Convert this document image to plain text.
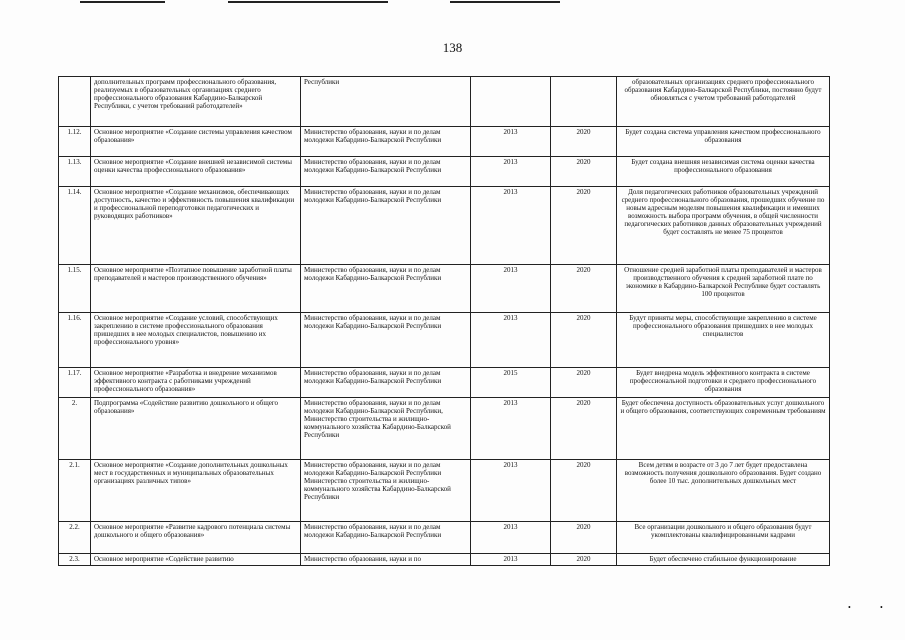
138
	дополнительных программ профессионального образования, реализуемых в образовательных организациях среднего профессионального образования Кабардино-Балкарской Республики, с учетом требований работодателей»	Республики			образовательных организациях среднего профессионального образования Кабардино-Балкарской Республики, постоянно будут обновляться с учетом требований работодателей
1.12.	Основное мероприятие «Создание системы управления качеством образования»	Министерство образования, науки и по делам молодежи Кабардино-Балкарской Республики	2013	2020	Будет создана система управления качеством профессионального образования
1.13.	Основное мероприятие «Создание внешней независимой системы оценки качества профессионального образования»	Министерство образования, науки и по делам молодежи Кабардино-Балкарской Республики	2013	2020	Будет создана внешняя независимая система оценки качества профессионального образования
1.14.	Основное мероприятие «Создание механизмов, обеспечивающих доступность, качество и эффективность повышения квалификации и профессиональной переподготовки педагогических и руководящих работников»	Министерство образования, науки и по делам молодежи Кабардино-Балкарской Республики	2013	2020	Доля педагогических работников образовательных учреждений среднего профессионального образования, прошедших обучение по новым адресным моделям повышения квалификации и имевших возможность выбора программ обучения, в общей численности педагогических работников данных образовательных учреждений будет составлять не менее 75 процентов
1.15.	Основное мероприятие «Поэтапное повышение заработной платы преподавателей и мастеров производственного обучения»	Министерство образования, науки и по делам молодежи Кабардино-Балкарской Республики	2013	2020	Отношение средней заработной платы преподавателей и мастеров производственного обучения к средней заработной плате по экономике в Кабардино-Балкарской Республике будет составлять 100 процентов
1.16.	Основное мероприятие «Создание условий, способствующих закреплению в системе профессионального образования пришедших в нее молодых специалистов, повышению их профессионального уровня»	Министерство образования, науки и по делам молодежи Кабардино-Балкарской Республики	2013	2020	Будут приняты меры, способствующие закреплению в системе профессионального образования пришедших в нее молодых специалистов
1.17.	Основное мероприятие «Разработка и внедрение механизмов эффективного контракта с работниками учреждений профессионального образования»	Министерство образования, науки и по делам молодежи Кабардино-Балкарской Республики	2015	2020	Будет внедрена модель эффективного контракта в системе профессиональной подготовки и среднего профессионального образования
2.	Подпрограмма «Содействие развитию дошкольного и общего образования»	Министерство образования, науки и по делам молодежи Кабардино-Балкарской Республики, Министерство строительства и жилищно-коммунального хозяйства Кабардино-Балкарской Республики	2013	2020	Будет обеспечена доступность образовательных услуг дошкольного и общего образования, соответствующих современным требованиям
2.1.	Основное мероприятие «Создание дополнительных дошкольных мест в государственных и муниципальных образовательных организациях различных типов»	Министерство образования, науки и по делам молодежи Кабардино-Балкарской Республики Министерство строительства и жилищно-коммунального хозяйства Кабардино-Балкарской Республики	2013	2020	Всем детям в возрасте от 3 до 7 лет будет предоставлена возможность получения дошкольного образования. Будет создано более 10 тыс. дополнительных дошкольных мест
2.2.	Основное мероприятие «Развитие кадрового потенциала системы дошкольного и общего образования»	Министерство образования, науки и по делам молодежи Кабардино-Балкарской Республики	2013	2020	Все организации дошкольного и общего образования будут укомплектованы квалифицированными кадрами
2.3.	Основное мероприятие «Содействие развитию	Министерство образования, науки и по	2013	2020	Будет обеспечено стабильное функционирование
•	•
